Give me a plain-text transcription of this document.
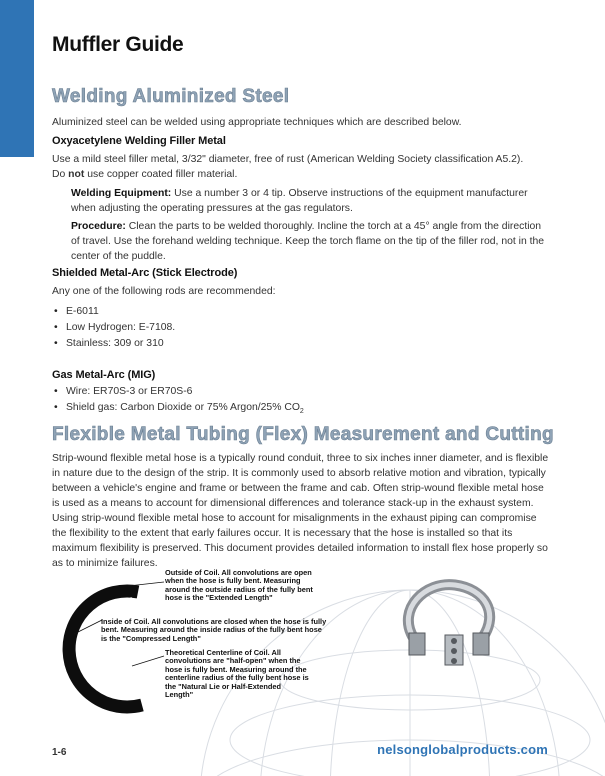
Muffler Guide
Welding Aluminized Steel
Aluminized steel can be welded using appropriate techniques which are described below.
Oxyacetylene Welding Filler Metal
Use a mild steel filler metal, 3/32" diameter, free of rust (American Welding Society classification A5.2).
Do not use copper coated filler material.
Welding Equipment: Use a number 3 or 4 tip. Observe instructions of the equipment manufacturer when adjusting the operating pressures at the gas regulators.
Procedure: Clean the parts to be welded thoroughly. Incline the torch at a 45° angle from the direction of travel. Use the forehand welding technique. Keep the torch flame on the tip of the filler rod, not in the center of the puddle.
Shielded Metal-Arc (Stick Electrode)
Any one of the following rods are recommended:
• E-6011
• Low Hydrogen: E-7108.
• Stainless: 309 or 310
Gas Metal-Arc (MIG)
• Wire: ER70S-3 or ER70S-6
• Shield gas: Carbon Dioxide or 75% Argon/25% $CO_2$
Flexible Metal Tubing (Flex) Measurement and Cutting
Strip-wound flexible metal hose is a typically round conduit, three to six inches inner diameter, and is flexible in nature due to the design of the strip. It is commonly used to absorb relative motion and vibration, typically between a vehicle's engine and frame or between the frame and cab. Often strip-wound flexible metal hose is used as a means to account for dimensional differences and tolerance stack-up in the exhaust system. Using strip-wound flexible metal hose to account for misalignments in the exhaust piping can compromise the flexibility to the extent that early failures occur. It is necessary that the hose is installed so that its maximum flexibility is preserved. This document provides detailed information to install flex hose properly so as to minimize failures.
Outside of Coil. All convolutions are open when the hose is fully bent. Measuring around the outside radius of the fully bent hose is the "Extended Length"
Inside of Coil. All convolutions are closed when the hose is fully bent. Measuring around the inside radius of the fully bent hose is the "Compressed Length"
Theoretical Centerline of Coil. All convolutions are "half-open" when the hose is fully bent. Measuring around the centerline radius of the fully bent hose is the "Natural Lie or Half-Extended Length"
1-6	nelsonglobalproducts.com
